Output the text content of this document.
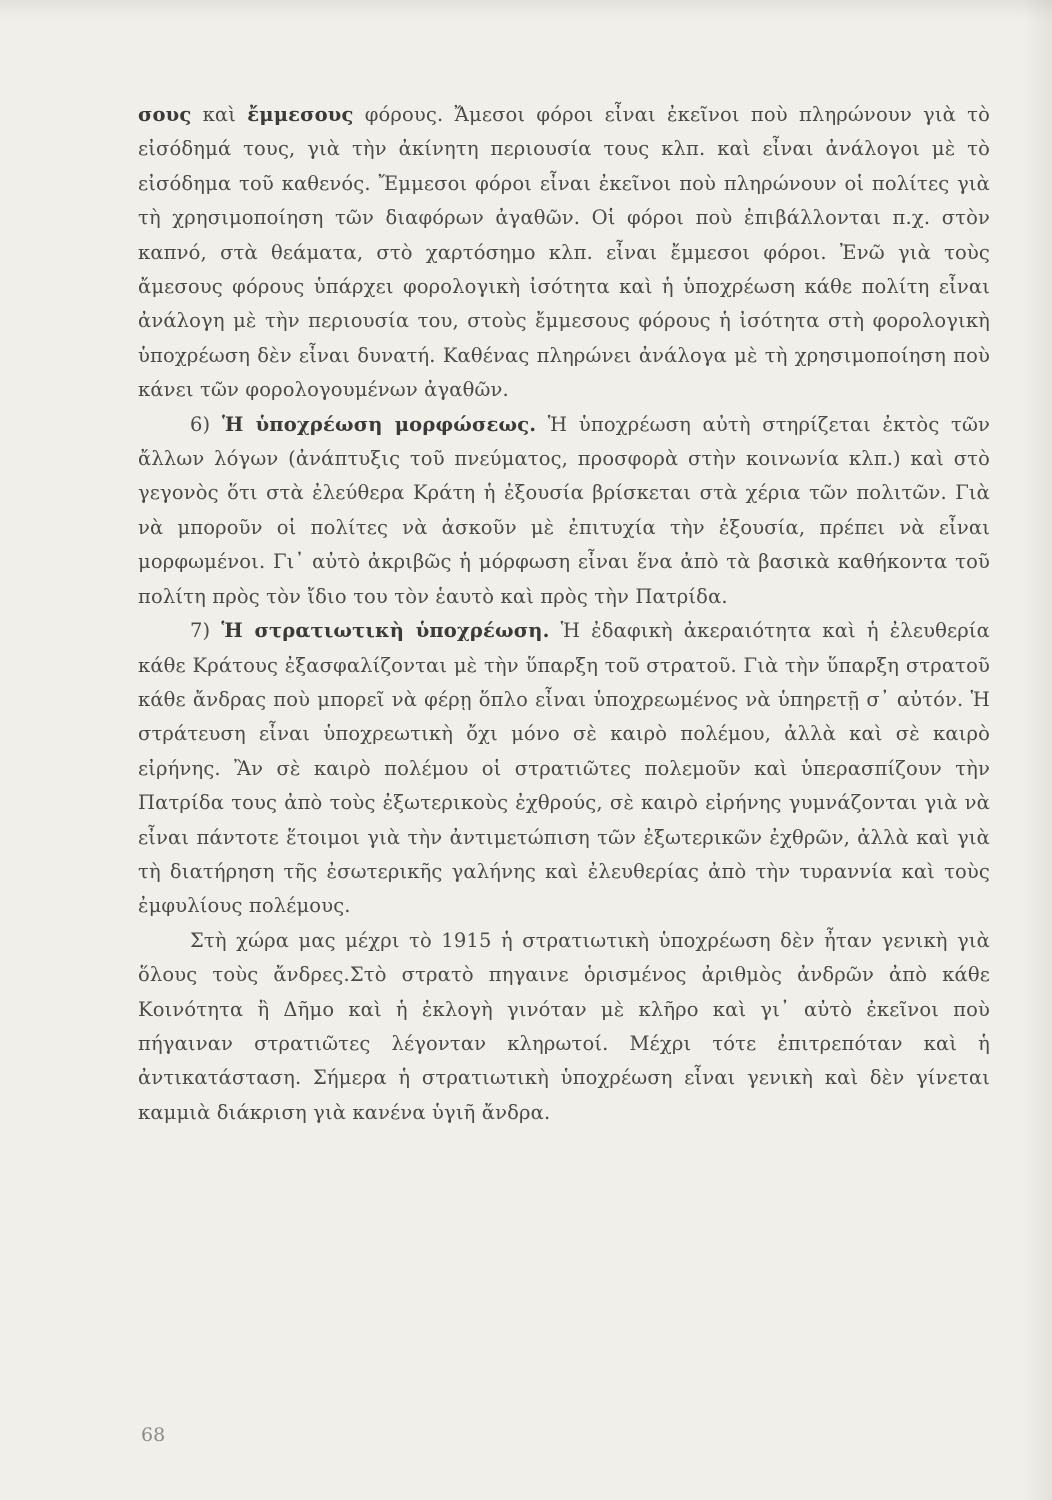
σους καὶ ἔμμεσους φόρους. Ἄμεσοι φόροι εἶναι ἐκεῖνοι ποὺ πληρώνουν γιὰ τὸ εἰσόδημά τους, γιὰ τὴν ἀκίνητη περιουσία τους κλπ. καὶ εἶναι ἀνάλογοι μὲ τὸ εἰσόδημα τοῦ καθενός. Ἔμμεσοι φόροι εἶναι ἐκεῖνοι ποὺ πληρώνουν οἱ πολίτες γιὰ τὴ χρησιμοποίηση τῶν διαφόρων ἀγαθῶν. Οἱ φόροι ποὺ ἐπιβάλλονται π.χ. στὸν καπνό, στὰ θεάματα, στὸ χαρτόσημο κλπ. εἶναι ἔμμεσοι φόροι. Ἐνῶ γιὰ τοὺς ἄμεσους φόρους ὑπάρχει φορολογικὴ ἰσότητα καὶ ἡ ὑποχρέωση κάθε πολίτη εἶναι ἀνάλογη μὲ τὴν περιουσία του, στοὺς ἔμμεσους φόρους ἡ ἰσότητα στὴ φορολογικὴ ὑποχρέωση δὲν εἶναι δυνατή. Καθένας πληρώνει ἀνάλογα μὲ τὴ χρησιμοποίηση ποὺ κάνει τῶν φορολογουμένων ἀγαθῶν.

6) Ἡ ὑποχρέωση μορφώσεως. Ἡ ὑποχρέωση αὐτὴ στηρίζεται ἐκτὸς τῶν ἄλλων λόγων (ἀνάπτυξις τοῦ πνεύματος, προσφορὰ στὴν κοινωνία κλπ.) καὶ στὸ γεγονὸς ὅτι στὰ ἐλεύθερα Κράτη ἡ ἐξουσία βρίσκεται στὰ χέρια τῶν πολιτῶν. Γιὰ νὰ μποροῦν οἱ πολίτες νὰ ἀσκοῦν μὲ ἐπιτυχία τὴν ἐξουσία, πρέπει νὰ εἶναι μορφωμένοι. Γι᾽ αὐτὸ ἀκριβῶς ἡ μόρφωση εἶναι ἕνα ἀπὸ τὰ βασικὰ καθήκοντα τοῦ πολίτη πρὸς τὸν ἴδιο του τὸν ἑαυτὸ καὶ πρὸς τὴν Πατρίδα.

7) Ἡ στρατιωτικὴ ὑποχρέωση. Ἡ ἐδαφικὴ ἀκεραιότητα καὶ ἡ ἐλευθερία κάθε Κράτους ἐξασφαλίζονται μὲ τὴν ὕπαρξη τοῦ στρατοῦ. Γιὰ τὴν ὕπαρξη στρατοῦ κάθε ἄνδρας ποὺ μπορεῖ νὰ φέρῃ ὅπλο εἶναι ὑποχρεωμένος νὰ ὑπηρετῇ σ᾽ αὐτόν. Ἡ στράτευση εἶναι ὑποχρεωτικὴ ὄχι μόνο σὲ καιρὸ πολέμου, ἀλλὰ καὶ σὲ καιρὸ εἰρήνης. Ἂν σὲ καιρὸ πολέμου οἱ στρατιῶτες πολεμοῦν καὶ ὑπερασπίζουν τὴν Πατρίδα τους ἀπὸ τοὺς ἐξωτερικοὺς ἐχθρούς, σὲ καιρὸ εἰρήνης γυμνάζονται γιὰ νὰ εἶναι πάντοτε ἕτοιμοι γιὰ τὴν ἀντιμετώπιση τῶν ἐξωτερικῶν ἐχθρῶν, ἀλλὰ καὶ γιὰ τὴ διατήρηση τῆς ἐσωτερικῆς γαλήνης καὶ ἐλευθερίας ἀπὸ τὴν τυραννία καὶ τοὺς ἐμφυλίους πολέμους.

Στὴ χώρα μας μέχρι τὸ 1915 ἡ στρατιωτικὴ ὑποχρέωση δὲν ἦταν γενικὴ γιὰ ὅλους τοὺς ἄνδρες.Στὸ στρατὸ πηγαινε ὁρισμένος ἀριθμὸς ἀνδρῶν ἀπὸ κάθε Κοινότητα ἢ Δῆμο καὶ ἡ ἐκλογὴ γινόταν μὲ κλῆρο καὶ γι᾽ αὐτὸ ἐκεῖνοι ποὺ πήγαιναν στρατιῶτες λέγονταν κληρωτοί. Μέχρι τότε ἐπιτρεπόταν καὶ ἡ ἀντικατάσταση. Σήμερα ἡ στρατιωτικὴ ὑποχρέωση εἶναι γενικὴ καὶ δὲν γίνεται καμμιὰ διάκριση γιὰ κανένα ὑγιῆ ἄνδρα.

68
